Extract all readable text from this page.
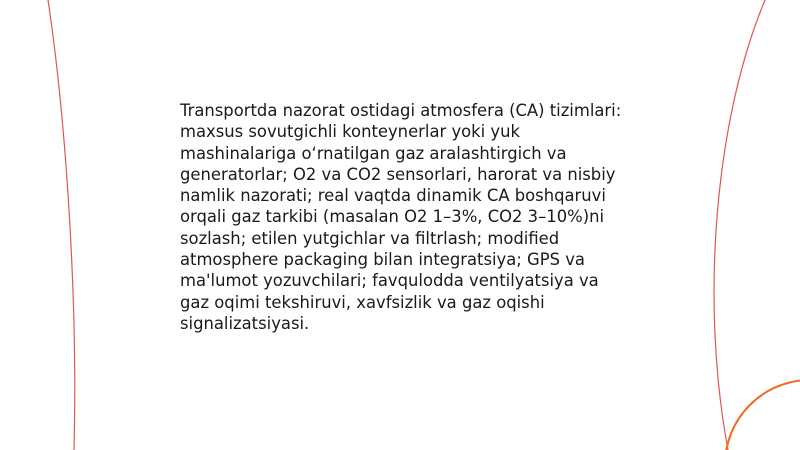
Transportda nazorat ostidagi atmosfera (CA) tizimlari:
maxsus sovutgichli konteynerlar yoki yuk
mashinalariga o‘rnatilgan gaz aralashtirgich va
generatorlar; O2 va CO2 sensorlari, harorat va nisbiy
namlik nazorati; real vaqtda dinamik CA boshqaruvi
orqali gaz tarkibi (masalan O2 1–3%, CO2 3–10%)ni
sozlash; etilen yutgichlar va filtrlash; modified
atmosphere packaging bilan integratsiya; GPS va
ma'lumot yozuvchilari; favqulodda ventilyatsiya va
gaz oqimi tekshiruvi, xavfsizlik va gaz oqishi
signalizatsiyasi.
